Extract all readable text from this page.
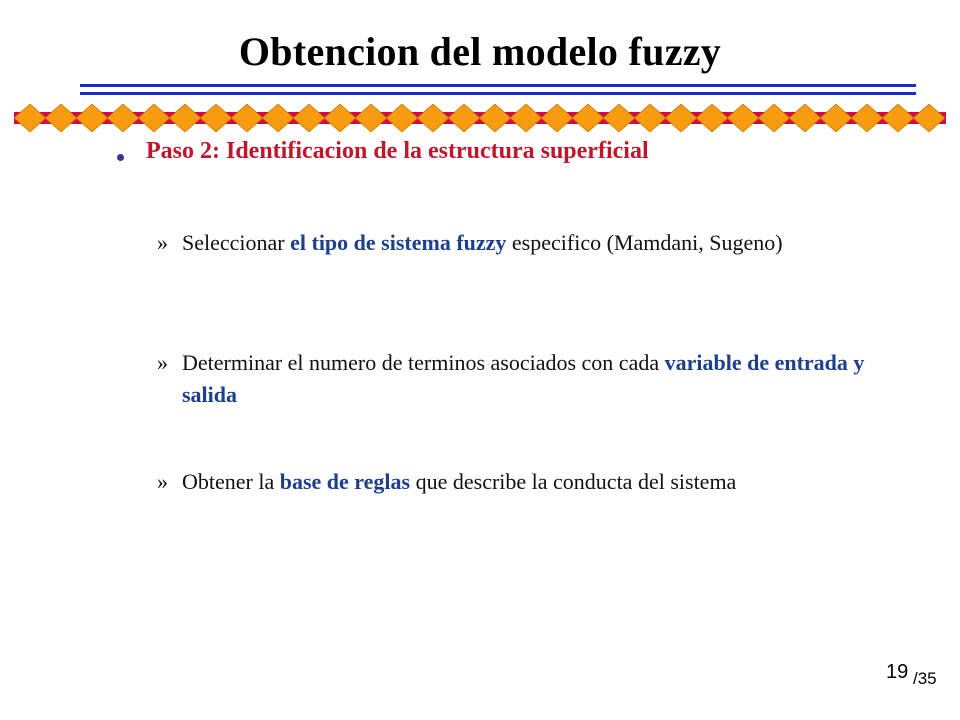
Obtencion del modelo fuzzy
Paso 2: Identificacion de la estructura superficial
» Seleccionar el tipo de sistema fuzzy especifico (Mamdani, Sugeno)
» Determinar el numero de terminos asociados con cada variable de entrada y salida
» Obtener la base de reglas que describe la conducta del sistema
19 /35
